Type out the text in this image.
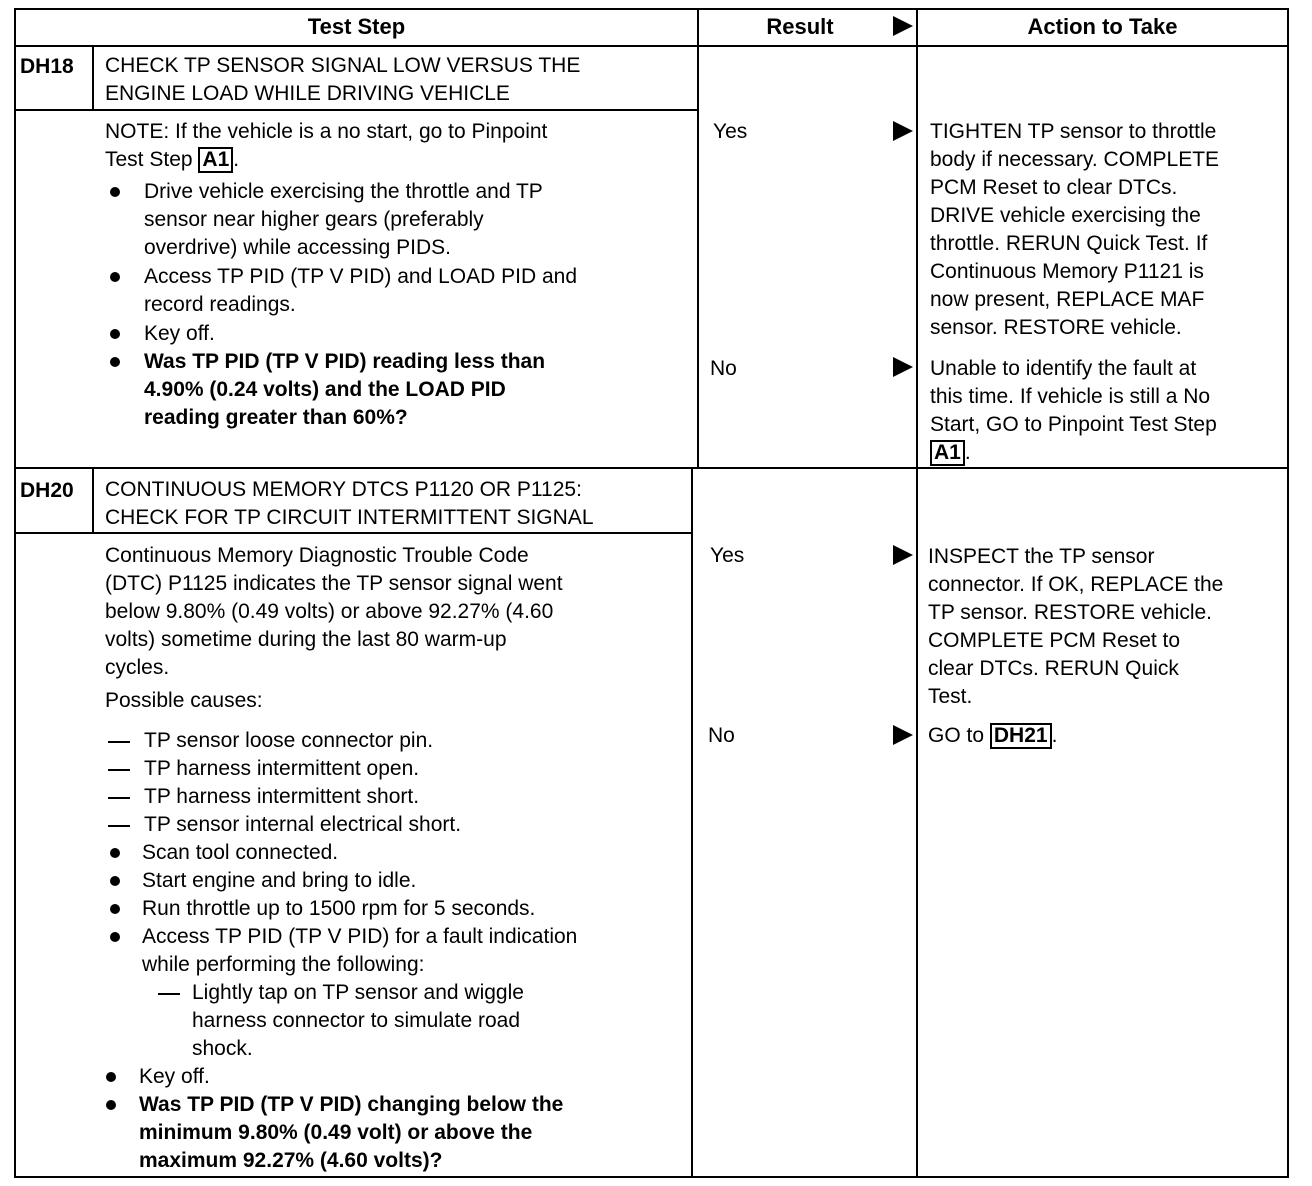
Test Step	Result	Action to Take
DH18 CHECK TP SENSOR SIGNAL LOW VERSUS THE
ENGINE LOAD WHILE DRIVING VEHICLE
NOTE: If the vehicle is a no start, go to Pinpoint
Test Step A1 .
Drive vehicle exercising the throttle and TP
sensor near higher gears (preferably
overdrive) while accessing PIDS.
Access TP PID (TP V PID) and LOAD PID and
record readings.
Key off.
Was TP PID (TP V PID) reading less than
4.90% (0.24 volts) and the LOAD PID
reading greater than 60%?
Yes
No
TIGHTEN TP sensor to throttle
body if necessary. COMPLETE
PCM Reset to clear DTCs.
DRIVE vehicle exercising the
throttle. RERUN Quick Test. If
Continuous Memory P1121 is
now present, REPLACE MAF
sensor. RESTORE vehicle.
Unable to identify the fault at
this time. If vehicle is still a No
Start, GO to Pinpoint Test Step
A1 .
DH20 CONTINUOUS MEMORY DTCS P1120 OR P1125:
CHECK FOR TP CIRCUIT INTERMITTENT SIGNAL
Continuous Memory Diagnostic Trouble Code
(DTC) P1125 indicates the TP sensor signal went
below 9.80% (0.49 volts) or above 92.27% (4.60
volts) sometime during the last 80 warm-up
cycles.
Possible causes:
TP sensor loose connector pin.
TP harness intermittent open.
TP harness intermittent short.
TP sensor internal electrical short.
Scan tool connected.
Start engine and bring to idle.
Run throttle up to 1500 rpm for 5 seconds.
Access TP PID (TP V PID) for a fault indication
while performing the following:
Lightly tap on TP sensor and wiggle
harness connector to simulate road
shock.
Key off.
Was TP PID (TP V PID) changing below the
minimum 9.80% (0.49 volt) or above the
maximum 92.27% (4.60 volts)?
Yes
No
INSPECT the TP sensor
connector. If OK, REPLACE the
TP sensor. RESTORE vehicle.
COMPLETE PCM Reset to
clear DTCs. RERUN Quick
Test.
GO to DH21 .
